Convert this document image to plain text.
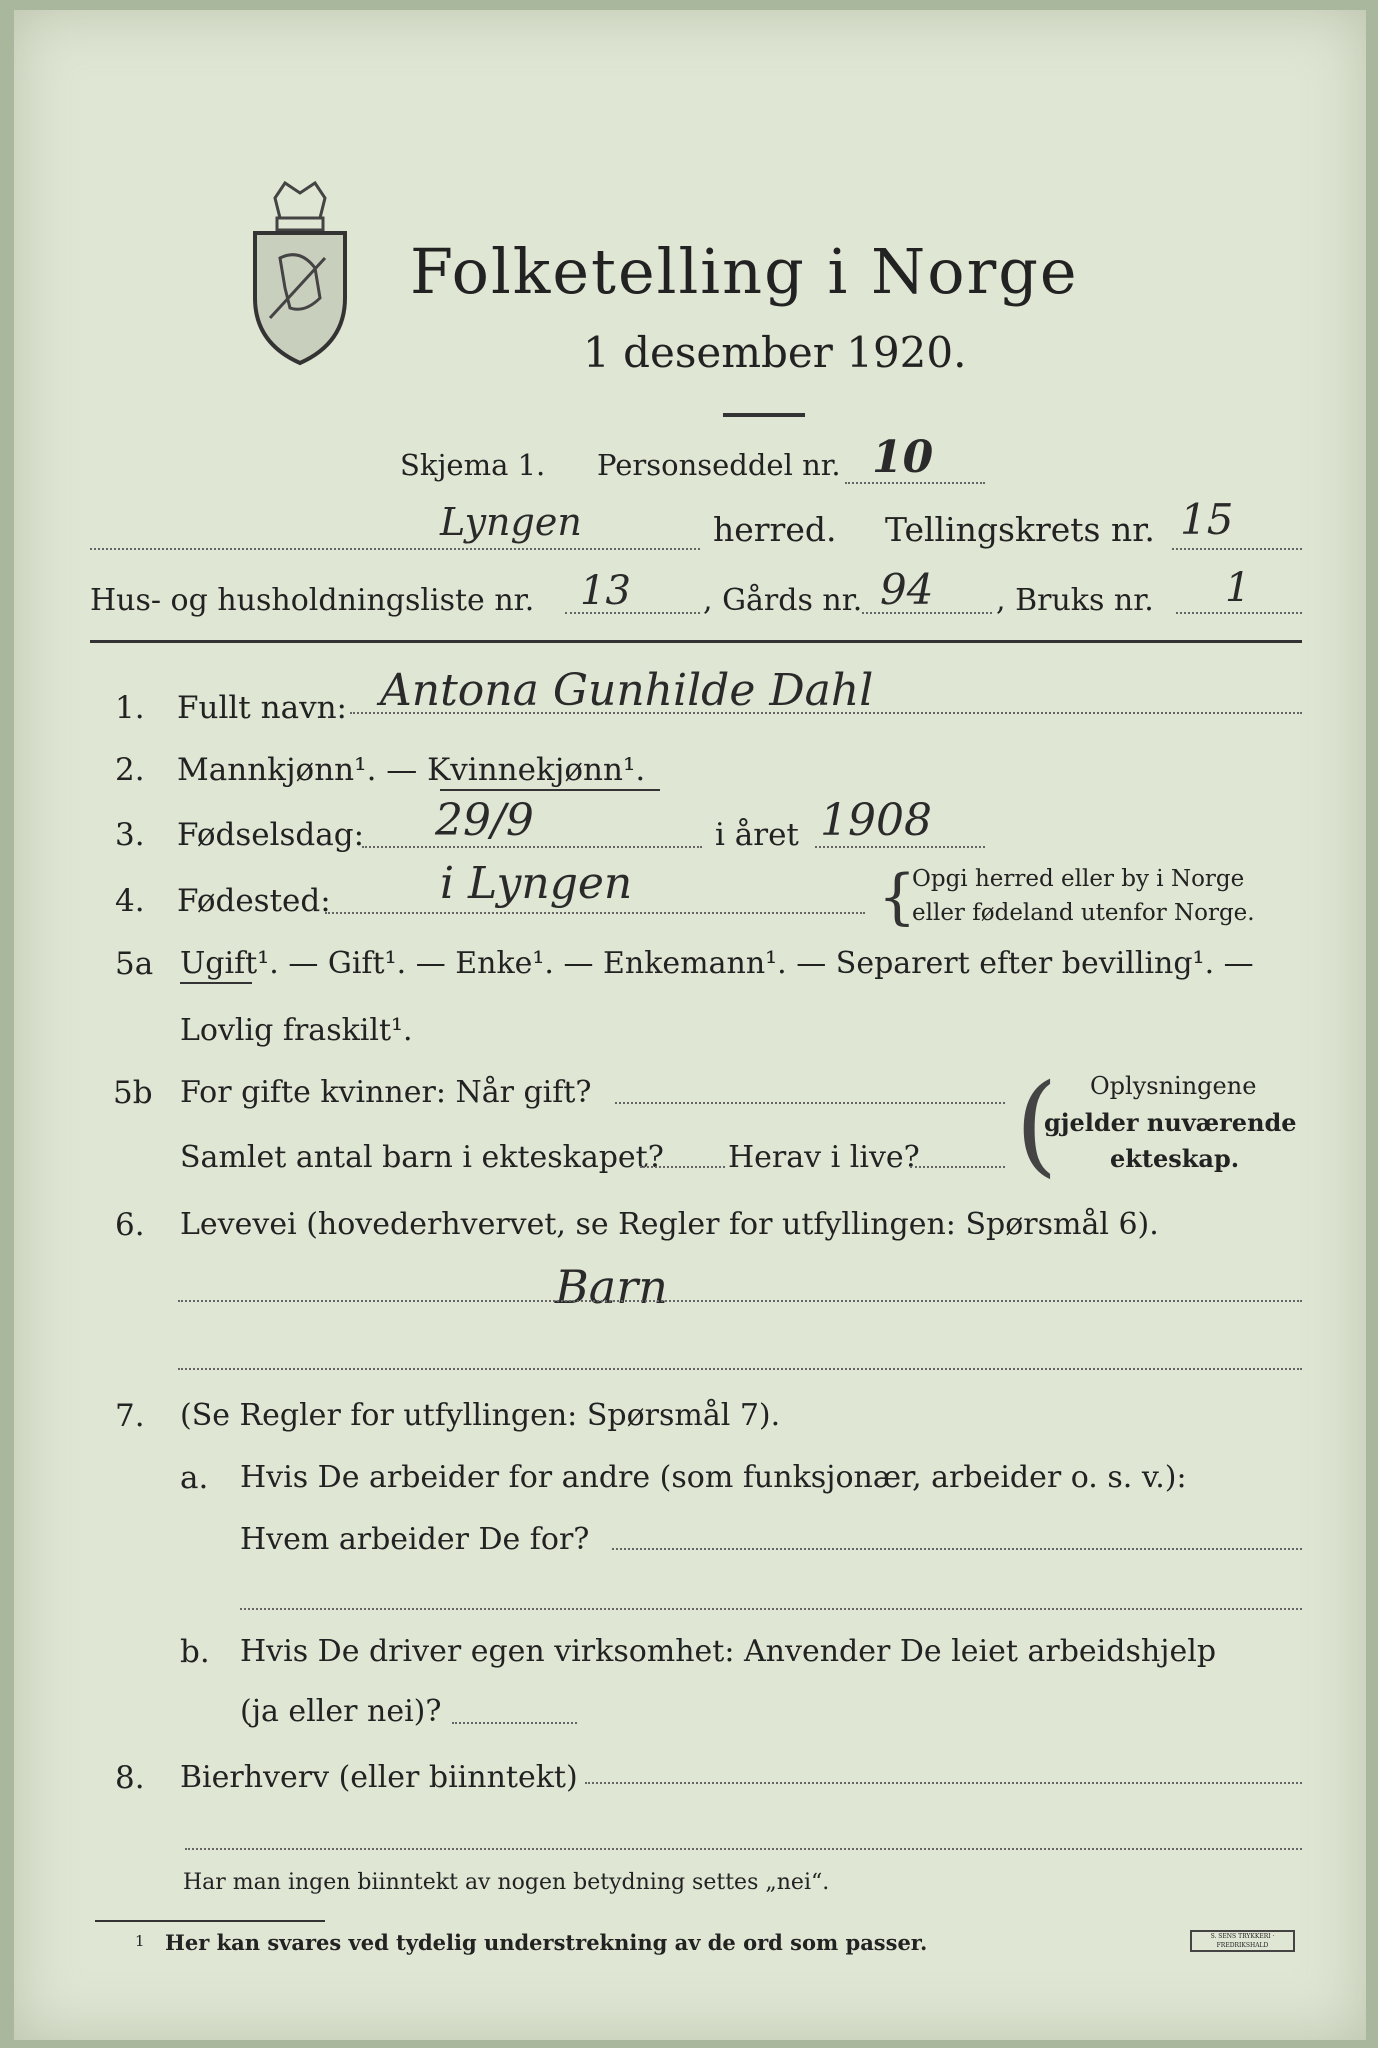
Folketelling i Norge
1 desember 1920.
Skjema 1. Personseddel nr. 10
Lyngen	herred. Tellingskrets nr. 15
Hus- og husholdningsliste nr. 13 , Gårds nr. 94 , Bruks nr. 1
1. Fullt navn: Antona Gunhilde Dahl
2. Mannkjønn¹. — Kvinnekjønn¹.
3. Fødselsdag: 29/9	i året 1908
4. Fødested: i Lyngen	{
Opgi herred eller by i Norge
eller fødeland utenfor Norge.
5a Ugift¹. — Gift¹. — Enke¹. — Enkemann¹. — Separert efter bevilling¹. —
Lovlig fraskilt¹.
5b For gifte kvinner: Når gift?
Samlet antal barn i ekteskapet? Herav i live? ( Oplysningene
gjelder nuværende
ekteskap.
6. Levevei (hovederhvervet, se Regler for utfyllingen: Spørsmål 6).
Barn
7. (Se Regler for utfyllingen: Spørsmål 7).
a. Hvis De arbeider for andre (som funksjonær, arbeider o. s. v.):
Hvem arbeider De for?
b. Hvis De driver egen virksomhet: Anvender De leiet arbeidshjelp
(ja eller nei)?
8. Bierhverv (eller biinntekt)
Har man ingen biinntekt av nogen betydning settes „nei“.
1 Her kan svares ved tydelig understrekning av de ord som passer.	S. SENS TRYKKERI · FREDRIKSHALD
